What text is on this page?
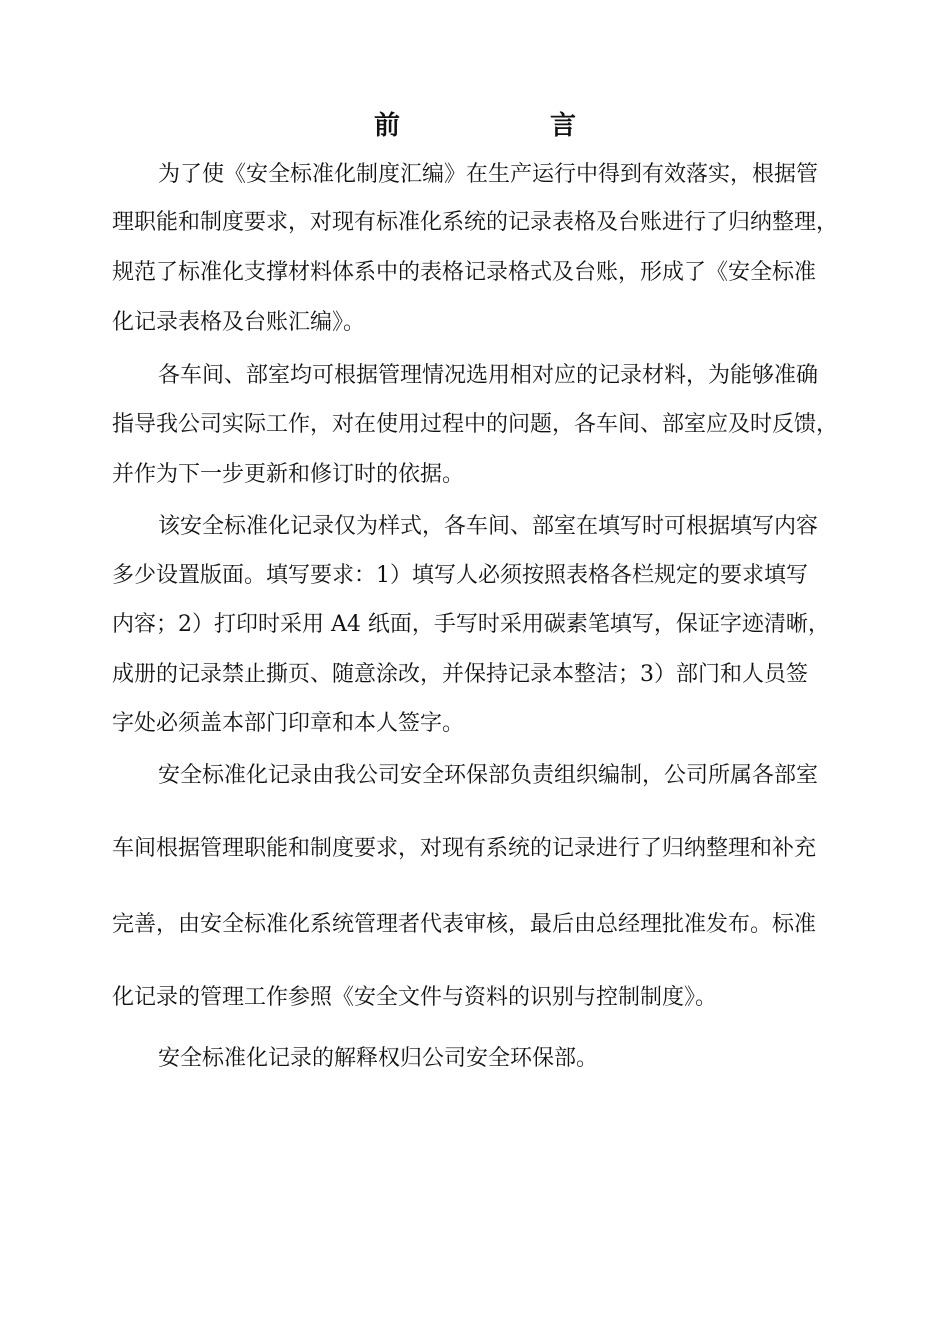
前　言
为了使《安全标准化制度汇编》在生产运行中得到有效落实，根据管
理职能和制度要求，对现有标准化系统的记录表格及台账进行了归纳整理，
规范了标准化支撑材料体系中的表格记录格式及台账，形成了《安全标准
化记录表格及台账汇编》。
各车间、部室均可根据管理情况选用相对应的记录材料，为能够准确
指导我公司实际工作，对在使用过程中的问题，各车间、部室应及时反馈，
并作为下一步更新和修订时的依据。
该安全标准化记录仅为样式，各车间、部室在填写时可根据填写内容
多少设置版面。填写要求：1）填写人必须按照表格各栏规定的要求填写
内容；2）打印时采用 A4 纸面，手写时采用碳素笔填写，保证字迹清晰，
成册的记录禁止撕页、随意涂改，并保持记录本整洁；3）部门和人员签
字处必须盖本部门印章和本人签字。
安全标准化记录由我公司安全环保部负责组织编制，公司所属各部室
车间根据管理职能和制度要求，对现有系统的记录进行了归纳整理和补充
完善，由安全标准化系统管理者代表审核，最后由总经理批准发布。标准
化记录的管理工作参照《安全文件与资料的识别与控制制度》。
安全标准化记录的解释权归公司安全环保部。
